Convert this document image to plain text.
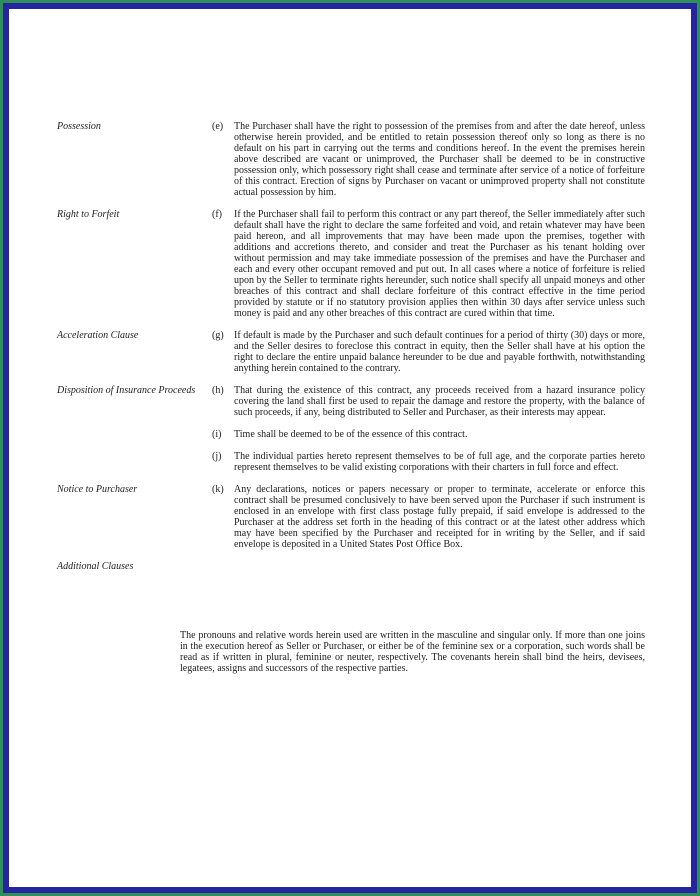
Possession	(e)	The Purchaser shall have the right to possession of the premises from and after the date hereof, unless otherwise herein provided, and be entitled to retain possession thereof only so long as there is no default on his part in carrying out the terms and conditions hereof. In the event the premises herein above described are vacant or unimproved, the Purchaser shall be deemed to be in constructive possession only, which possessory right shall cease and terminate after service of a notice of forfeiture of this contract. Erection of signs by Purchaser on vacant or unimproved property shall not constitute actual possession by him.
Right to Forfeit	(f)	If the Purchaser shall fail to perform this contract or any part thereof, the Seller immediately after such default shall have the right to declare the same forfeited and void, and retain whatever may have been paid hereon, and all improvements that may have been made upon the premises, together with additions and accretions thereto, and consider and treat the Purchaser as his tenant holding over without permission and may take immediate possession of the premises and have the Purchaser and each and every other occupant removed and put out. In all cases where a notice of forfeiture is relied upon by the Seller to terminate rights hereunder, such notice shall specify all unpaid moneys and other breaches of this contract and shall declare forfeiture of this contract effective in the time period provided by statute or if no statutory provision applies then within 30 days after service unless such money is paid and any other breaches of this contract are cured within that time.
Acceleration Clause	(g)	If default is made by the Purchaser and such default continues for a period of thirty (30) days or more, and the Seller desires to foreclose this contract in equity, then the Seller shall have at his option the right to declare the entire unpaid balance hereunder to be due and payable forthwith, notwithstanding anything herein contained to the contrary.
Disposition of Insurance Proceeds	(h)	That during the existence of this contract, any proceeds received from a hazard insurance policy covering the land shall first be used to repair the damage and restore the property, with the balance of such proceeds, if any, being distributed to Seller and Purchaser, as their interests may appear.
(i)	Time shall be deemed to be of the essence of this contract.
(j)	The individual parties hereto represent themselves to be of full age, and the corporate parties hereto represent themselves to be valid existing corporations with their charters in full force and effect.
Notice to Purchaser	(k)	Any declarations, notices or papers necessary or proper to terminate, accelerate or enforce this contract shall be presumed conclusively to have been served upon the Purchaser if such instrument is enclosed in an envelope with first class postage fully prepaid, if said envelope is addressed to the Purchaser at the address set forth in the heading of this contract or at the latest other address which may have been specified by the Purchaser and receipted for in writing by the Seller, and if said envelope is deposited in a United States Post Office Box.
Additional Clauses
The pronouns and relative words herein used are written in the masculine and singular only. If more than one joins in the execution hereof as Seller or Purchaser, or either be of the feminine sex or a corporation, such words shall be read as if written in plural, feminine or neuter, respectively. The covenants herein shall bind the heirs, devisees, legatees, assigns and successors of the respective parties.
